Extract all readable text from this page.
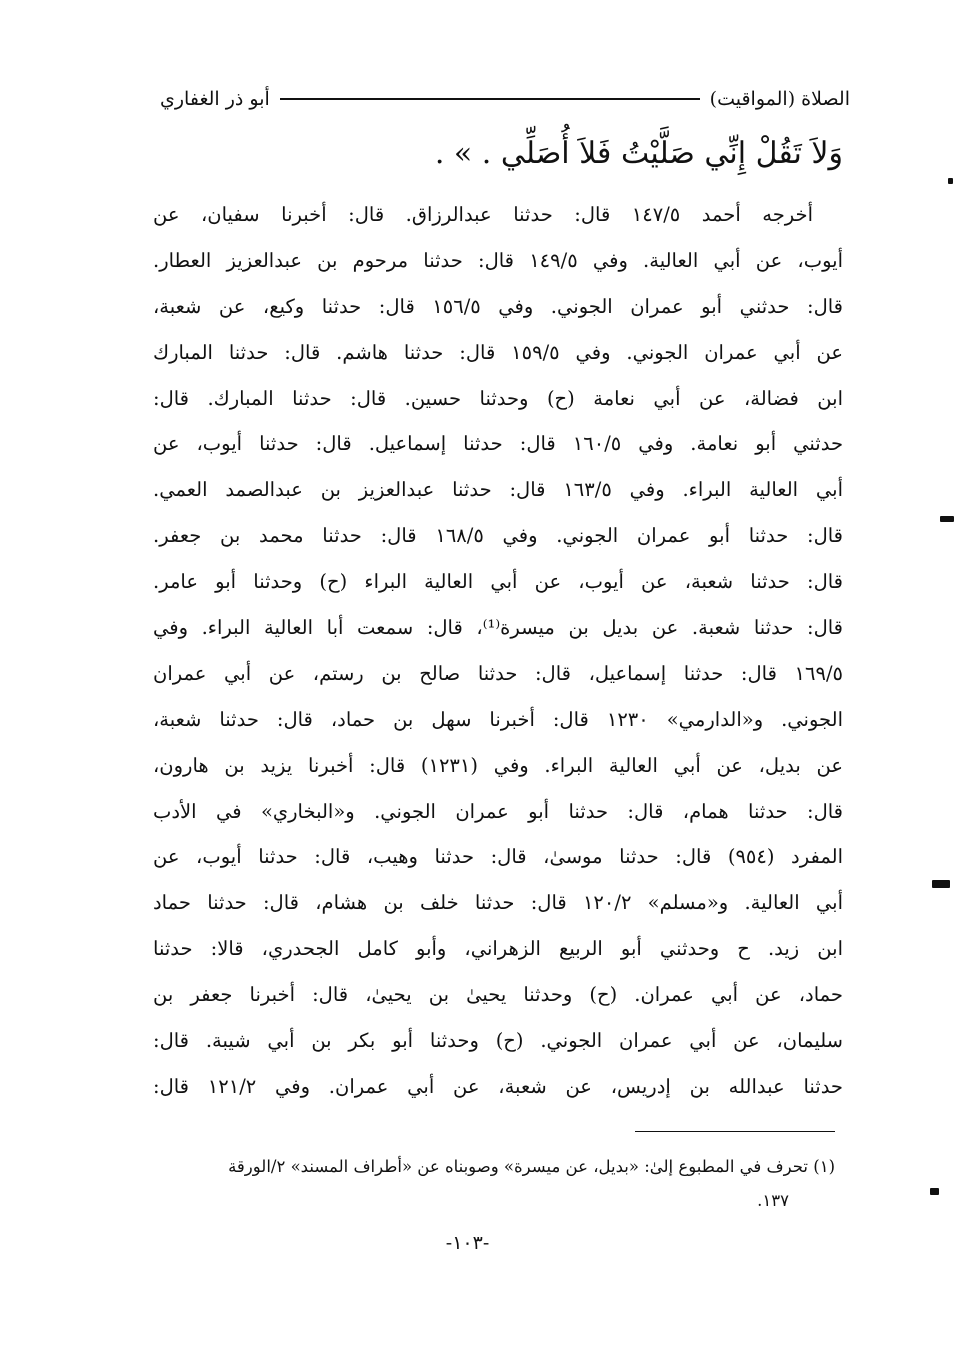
الصلاة (المواقيت)
أبو ذر الغفاري
وَلاَ تَقُلْ إِنِّي صَلَّيْتُ فَلاَ أُصَلِّي . » .
أخرجه أحمد ١٤٧/٥ قال: حدثنا عبدالرزاق. قال: أخبرنا سفيان، عن
أيوب، عن أبي العالية. وفي ١٤٩/٥ قال: حدثنا مرحوم بن عبدالعزيز العطار.
قال: حدثني أبو عمران الجوني. وفي ١٥٦/٥ قال: حدثنا وكيع، عن شعبة،
عن أبي عمران الجوني. وفي ١٥٩/٥ قال: حدثنا هاشم. قال: حدثنا المبارك
ابن فضالة، عن أبي نعامة (ح) وحدثنا حسين. قال: حدثنا المبارك. قال:
حدثني أبو نعامة. وفي ١٦٠/٥ قال: حدثنا إسماعيل. قال: حدثنا أيوب، عن
أبي العالية البراء. وفي ١٦٣/٥ قال: حدثنا عبدالعزيز بن عبدالصمد العمي.
قال: حدثنا أبو عمران الجوني. وفي ١٦٨/٥ قال: حدثنا محمد بن جعفر.
قال: حدثنا شعبة، عن أيوب، عن أبي العالية البراء (ح) وحدثنا أبو عامر.
قال: حدثنا شعبة. عن بديل بن ميسرة⁽¹⁾، قال: سمعت أبا العالية البراء. وفي
١٦٩/٥ قال: حدثنا إسماعيل، قال: حدثنا صالح بن رستم، عن أبي عمران
الجوني. و«الدارمي» ١٢٣٠ قال: أخبرنا سهل بن حماد، قال: حدثنا شعبة،
عن بديل، عن أبي العالية البراء. وفي (١٢٣١) قال: أخبرنا يزيد بن هارون،
قال: حدثنا همام، قال: حدثنا أبو عمران الجوني. و«البخاري» في الأدب
المفرد (٩٥٤) قال: حدثنا موسىٰ، قال: حدثنا وهيب، قال: حدثنا أيوب، عن
أبي العالية. و«مسلم» ١٢٠/٢ قال: حدثنا خلف بن هشام، قال: حدثنا حماد
ابن زيد. ح وحدثني أبو الربيع الزهراني، وأبو كامل الجحدري، قالا: حدثنا
حماد، عن أبي عمران. (ح) وحدثنا يحيىٰ بن يحيىٰ، قال: أخبرنا جعفر بن
سليمان، عن أبي عمران الجوني. (ح) وحدثنا أبو بكر بن أبي شيبة. قال:
حدثنا عبدالله بن إدريس، عن شعبة، عن أبي عمران. وفي ١٢١/٢ قال:
(١) تحرف في المطبوع إلىٰ: «بديل، عن ميسرة» وصوبناه عن «أطراف المسند» ٢/الورقة
١٣٧.
-١٠٣-
